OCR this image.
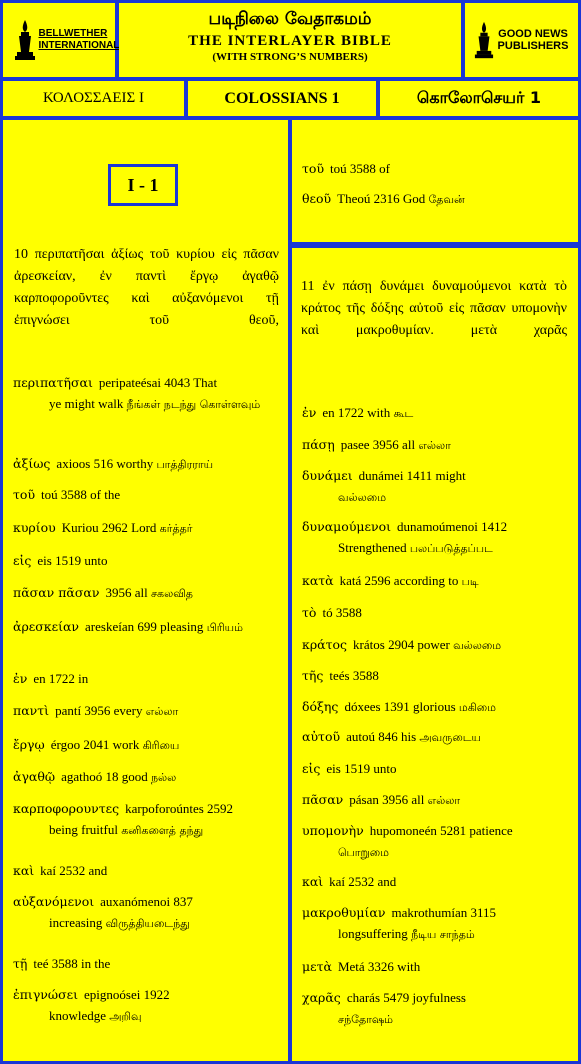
BELLWETHER INTERNATIONAL
படிநிலை வேதாகமம்
THE INTERLAYER BIBLE
(WITH STRONG’S NUMBERS)
GOOD NEWS PUBLISHERS
ΚΟΛΟΣΣΑΕΙΣ Ι	COLOSSIANS 1	கொலோசெயர் 1
I - 1
10 περιπατῆσαι ἀξίως τοῦ κυρίου εἰς πᾶσαν ἀρεσκείαν, ἐν παντὶ ἔργῳ ἀγαθῷ καρποφοροῦντες καὶ αὐξανόμενοι τῇ ἐπιγνώσει τοῦ θεοῦ,
περιπατῆσαι peripateésai 4043 That
ye might walk நீங்கள் நடந்து கொள்ளவும்
ἀξίως axioos 516 worthy பாத்திரராய்
τοῦ toú 3588 of the
κυρίου Kuriou 2962 Lord கர்த்தர்
εἰς eis 1519 unto
πᾶσαν πᾶσαν 3956 all சகலவித
ἀρεσκείαν areskeían 699 pleasing பிரியம்
ἐν en 1722 in
παντὶ pantí 3956 every எல்லா
ἔργῳ érgoo 2041 work கிரியை
ἀγαθῷ agathoó 18 good நல்ல
καρποφορουντες karpoforoúntes 2592
being fruitful கனிகளைத் தந்து
καὶ kaí 2532 and
αὐξανόμενοι auxanómenoi 837
increasing விருத்தியடைந்து
τῇ teé 3588 in the
ἐπιγνώσει epignoósei 1922
knowledge அறிவு
τοῦ toú 3588 of
θεοῦ Theoú 2316 God தேவன்
11 ἐν πάσῃ δυνάμει δυναμούμενοι κατὰ τὸ κράτος τῆς δόξης αὐτοῦ εἰς πᾶσαν υπομονὴν καὶ μακροθυμίαν. μετὰ χαρᾶς
ἐν en 1722 with கூட
πάσῃ pasee 3956 all எல்லா
δυνάμει dunámei 1411 might
வல்லமை
δυναμούμενοι dunamoúmenoi 1412
Strengthened பலப்படுத்தப்பட
κατὰ katá 2596 according to படி
τὸ tó 3588
κράτος krátos 2904 power வல்லமை
τῆς teés 3588
δόξης dóxees 1391 glorious மகிமை
αὐτοῦ autoú 846 his அவருடைய
εἰς eis 1519 unto
πᾶσαν pásan 3956 all எல்லா
υπομονὴν hupomoneén 5281 patience
பொறுமை
καὶ kaí 2532 and
μακροθυμίαν makrothumían 3115
longsuffering நீடிய சாந்தம்
μετὰ Metá 3326 with
χαρᾶς charás 5479 joyfulness
சந்தோஷம்
